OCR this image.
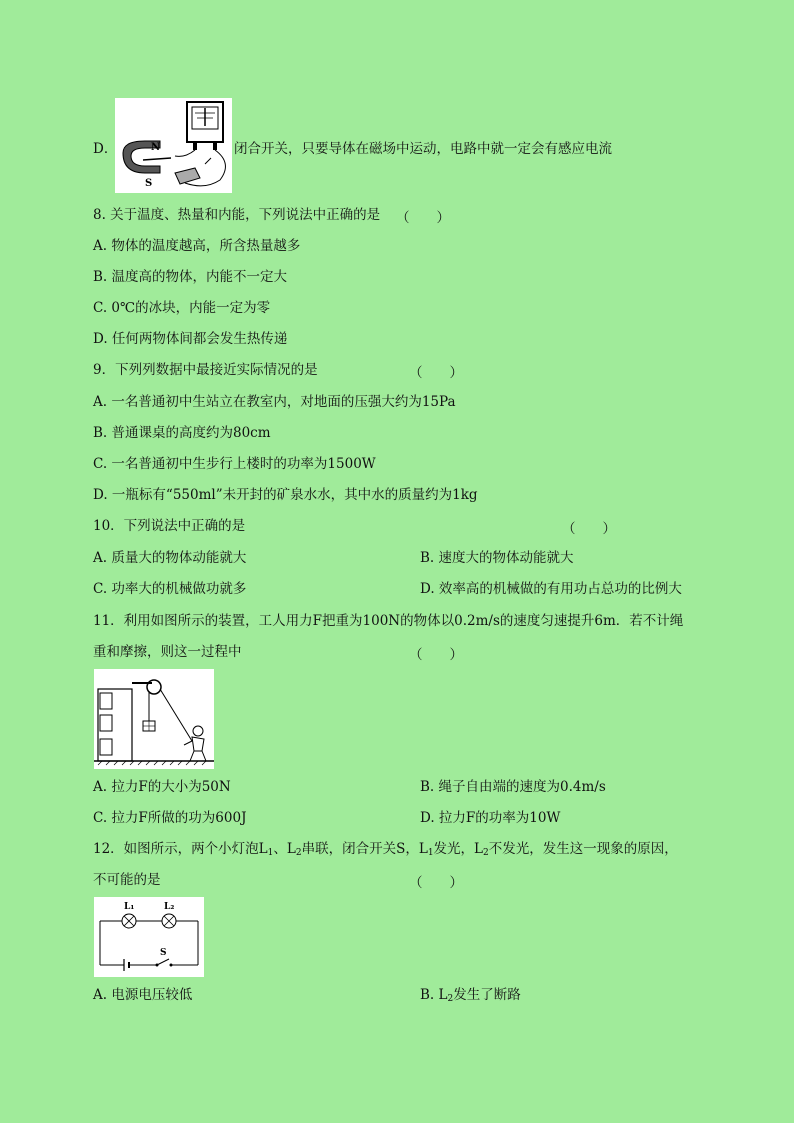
N
S
D．	闭合开关，只要导体在磁场中运动，电路中就一定会有感应电流
8. 关于温度、热量和内能，下列说法中正确的是 （　　）
A. 物体的温度越高，所含热量越多
B. 温度高的物体，内能不一定大
C. 0℃的冰块，内能一定为零
D. 任何两物体间都会发生热传递
9．下列列数据中最接近实际情况的是	（　　）
A. 一名普通初中生站立在教室内，对地面的压强大约为15Pa
B. 普通课桌的高度约为80cm
C. 一名普通初中生步行上楼时的功率为1500W
D. 一瓶标有“550ml”未开封的矿泉水水，其中水的质量约为1kg
10．下列说法中正确的是	（　　）
A. 质量大的物体动能就大	B. 速度大的物体动能就大
C. 功率大的机械做功就多	D. 效率高的机械做的有用功占总功的比例大
11．利用如图所示的装置，工人用力F把重为100N的物体以0.2m/s的速度匀速提升6m．若不计绳
重和摩擦，则这一过程中	（　　）
A. 拉力F的大小为50N	B. 绳子自由端的速度为0.4m/s
C. 拉力F所做的功为600J	D. 拉力F的功率为10W
12．如图所示，两个小灯泡$L_1$、$L_2$串联，闭合开关S，$L_1$发光，$L_2$不发光，发生这一现象的原因，
不可能的是	（　　）
L₁	L₂
S
A. 电源电压较低	B. $L_2$发生了断路
